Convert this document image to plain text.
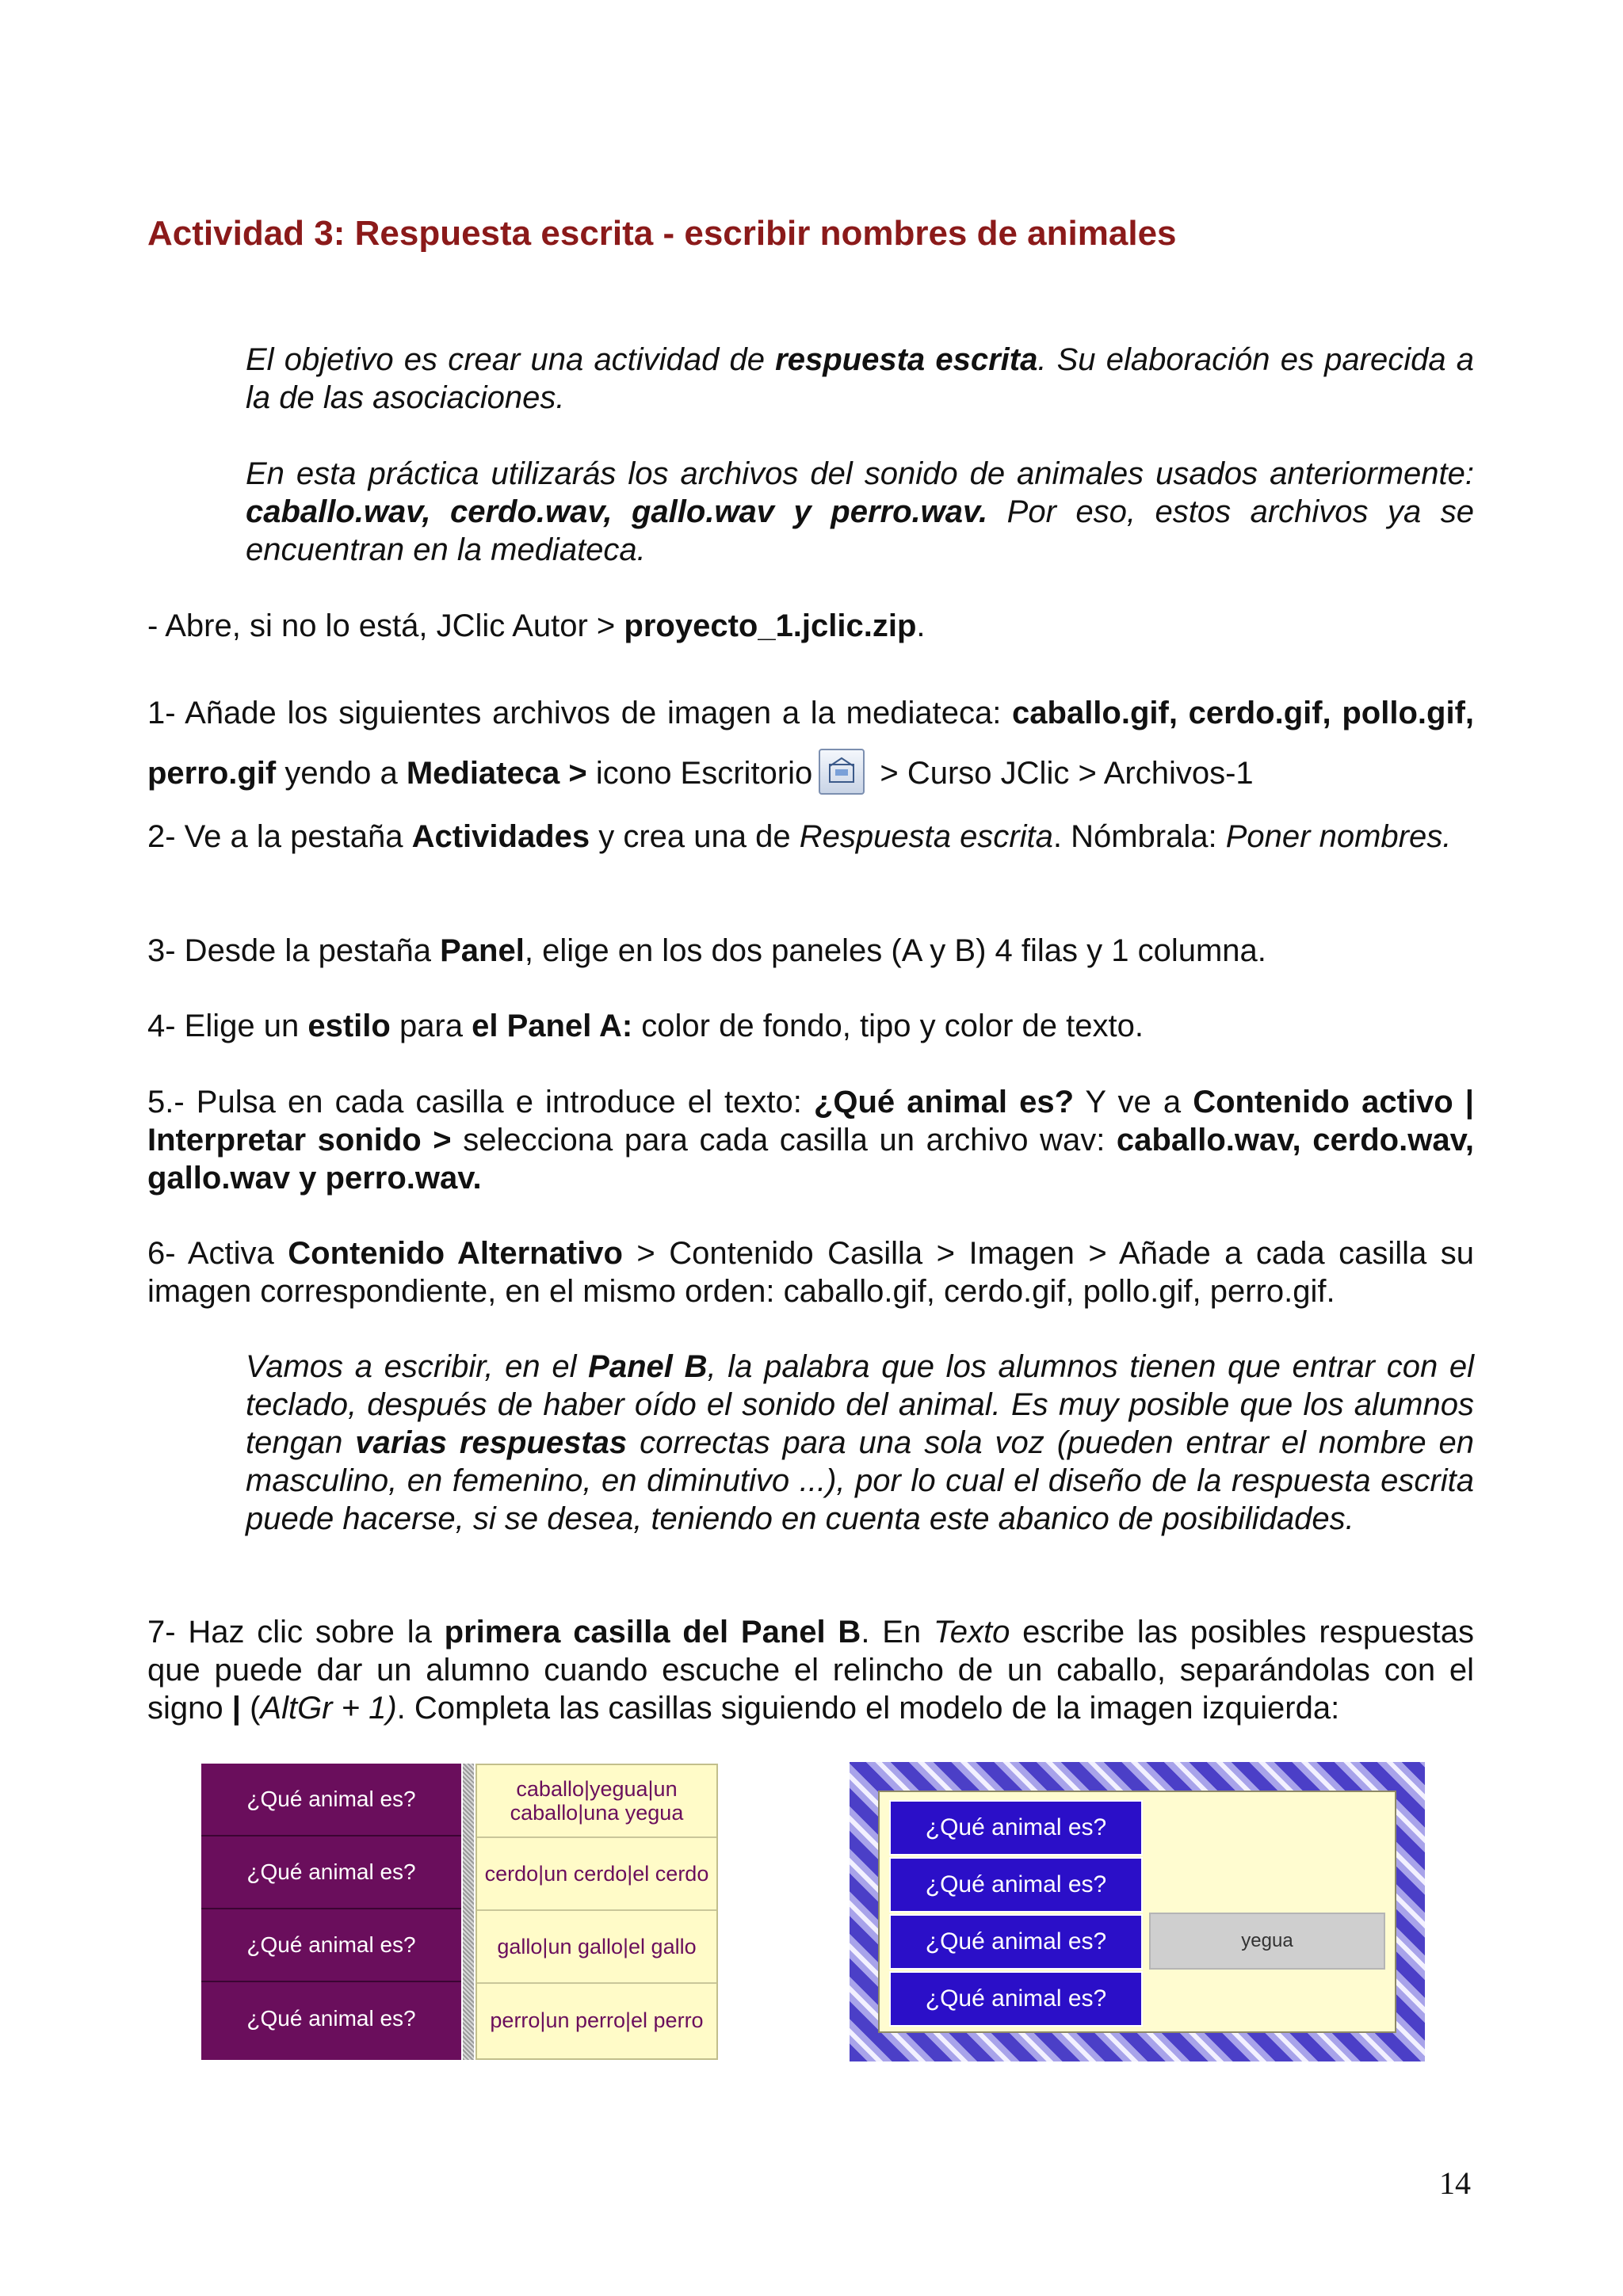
Actividad 3: Respuesta escrita - escribir nombres de animales

El objetivo es crear una actividad de respuesta escrita. Su elaboración es parecida a la de las asociaciones.

En esta práctica utilizarás los archivos del sonido de animales usados anteriormente: caballo.wav, cerdo.wav, gallo.wav y perro.wav. Por eso, estos archivos ya se encuentran en la mediateca.

- Abre, si no lo está, JClic Autor > proyecto_1.jclic.zip.

1- Añade los siguientes archivos de imagen a la mediateca: caballo.gif, cerdo.gif, pollo.gif, perro.gif yendo a Mediateca > icono Escritorio
> Curso JClic > Archivos-1

2- Ve a la pestaña Actividades y crea una de Respuesta escrita. Nómbrala: Poner nombres.

3- Desde la pestaña Panel, elige en los dos paneles (A y B) 4 filas y 1 columna.

4- Elige un estilo para el Panel A: color de fondo, tipo y color de texto.

5.- Pulsa en cada casilla e introduce el texto: ¿Qué animal es? Y ve a Contenido activo | Interpretar sonido > selecciona para cada casilla un archivo wav: caballo.wav, cerdo.wav, gallo.wav y perro.wav.

6- Activa Contenido Alternativo > Contenido Casilla > Imagen > Añade a cada casilla su imagen correspondiente, en el mismo orden: caballo.gif, cerdo.gif, pollo.gif, perro.gif.

Vamos a escribir, en el Panel B, la palabra que los alumnos tienen que entrar con el teclado, después de haber oído el sonido del animal. Es muy posible que los alumnos tengan varias respuestas correctas para una sola voz (pueden entrar el nombre en masculino, en femenino, en diminutivo ...), por lo cual el diseño de la respuesta escrita puede hacerse, si se desea, teniendo en cuenta este abanico de posibilidades.

7- Haz clic sobre la primera casilla del Panel B. En Texto escribe las posibles respuestas que puede dar un alumno cuando escuche el relincho de un caballo, separándolas con el signo | (AltGr + 1). Completa las casillas siguiendo el modelo de la imagen izquierda:

¿Qué animal es?
¿Qué animal es?
¿Qué animal es?
¿Qué animal es?
caballo|yegua|un caballo|una yegua
cerdo|un cerdo|el cerdo
gallo|un gallo|el gallo
perro|un perro|el perro
¿Qué animal es?
¿Qué animal es?
¿Qué animal es?
¿Qué animal es?
yegua
14
